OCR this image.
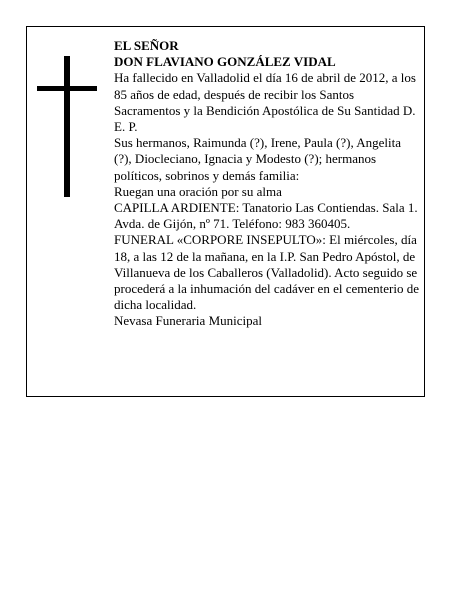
EL SEÑOR

DON FLAVIANO GONZÁLEZ VIDAL

Ha fallecido en Valladolid el día 16 de abril de 2012, a los 85 años de edad, después de recibir los Santos Sacramentos y la Bendición Apostólica de Su Santidad D. E. P.

Sus hermanos, Raimunda (?), Irene, Paula (?), Angelita (?), Diocleciano, Ignacia y Modesto (?); hermanos políticos, sobrinos y demás familia:

Ruegan una oración por su alma

CAPILLA ARDIENTE: Tanatorio Las Contiendas. Sala 1. Avda. de Gijón, nº 71. Teléfono: 983 360405.

FUNERAL «CORPORE INSEPULTO»: El miércoles, día 18, a las 12 de la mañana, en la I.P. San Pedro Apóstol, de Villanueva de los Caballeros (Valladolid). Acto seguido se procederá a la inhumación del cadáver en el cementerio de dicha localidad.

Nevasa Funeraria Municipal
